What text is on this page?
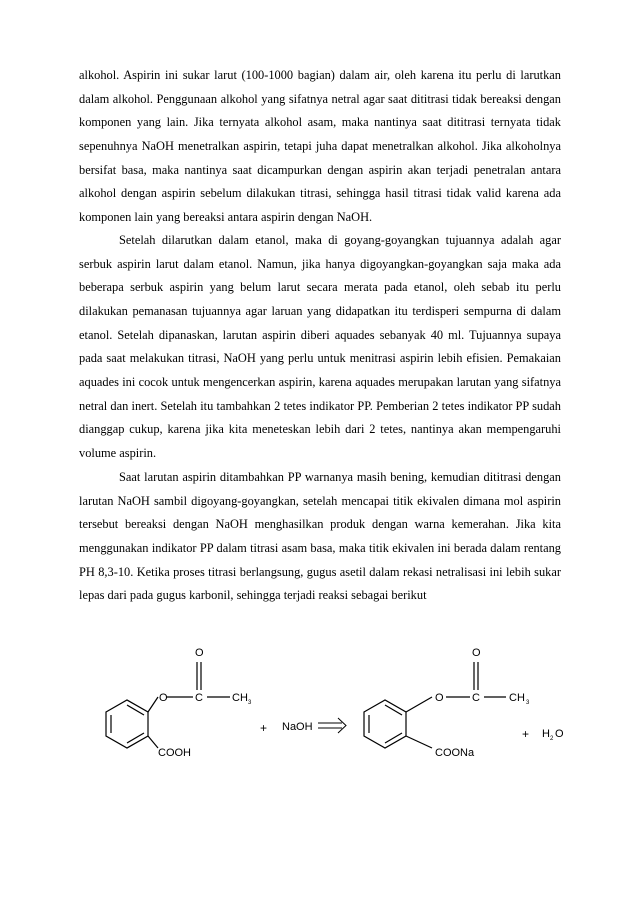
alkohol. Aspirin ini sukar larut (100-1000 bagian) dalam air, oleh karena itu perlu di larutkan dalam alkohol. Penggunaan alkohol yang sifatnya netral agar saat dititrasi tidak bereaksi dengan komponen yang lain. Jika ternyata alkohol asam, maka nantinya saat dititrasi ternyata tidak sepenuhnya NaOH menetralkan aspirin, tetapi juha dapat menetralkan alkohol. Jika alkoholnya bersifat basa, maka nantinya saat dicampurkan dengan aspirin akan terjadi penetralan antara alkohol dengan aspirin sebelum dilakukan titrasi, sehingga hasil titrasi tidak valid karena ada komponen lain yang bereaksi antara aspirin dengan NaOH.

Setelah dilarutkan dalam etanol, maka di goyang-goyangkan tujuannya adalah agar serbuk aspirin larut dalam etanol. Namun, jika hanya digoyangkan-goyangkan saja maka ada beberapa serbuk aspirin yang belum larut secara merata pada etanol, oleh sebab itu perlu dilakukan pemanasan tujuannya agar laruan yang didapatkan itu terdisperi sempurna di dalam etanol. Setelah dipanaskan, larutan aspirin diberi aquades sebanyak 40 ml. Tujuannya supaya pada saat melakukan titrasi, NaOH yang perlu untuk menitrasi aspirin lebih efisien. Pemakaian aquades ini cocok untuk mengencerkan aspirin, karena aquades merupakan larutan yang sifatnya netral dan inert. Setelah itu tambahkan 2 tetes indikator PP. Pemberian 2 tetes indikator PP sudah dianggap cukup, karena jika kita meneteskan lebih dari 2 tetes, nantinya akan mempengaruhi volume aspirin.

Saat larutan aspirin ditambahkan PP warnanya masih bening, kemudian dititrasi dengan larutan NaOH sambil digoyang-goyangkan, setelah mencapai titik ekivalen dimana mol aspirin tersebut bereaksi dengan NaOH menghasilkan produk dengan warna kemerahan. Jika kita menggunakan indikator PP dalam titrasi asam basa, maka titik ekivalen ini berada dalam rentang PH 8,3-10. Ketika proses titrasi berlangsung, gugus asetil dalam rekasi netralisasi ini lebih sukar lepas dari pada gugus karbonil, sehingga terjadi reaksi sebagai berikut

O
O C	CH 3
COOH
+ NaOH
O
O	C	CH 3
COONa
+ H 2 O
